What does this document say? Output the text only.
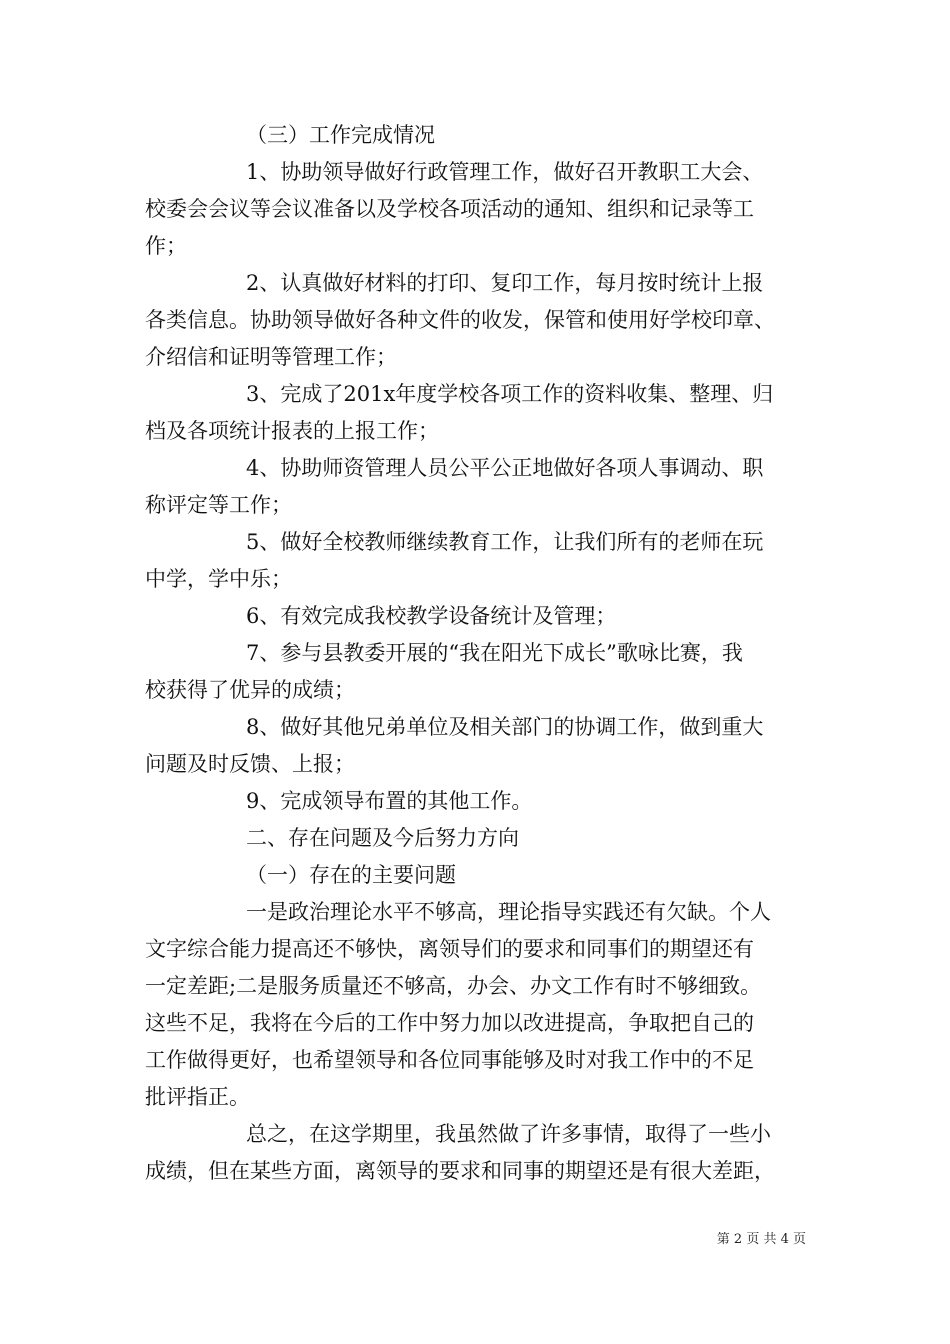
（三）工作完成情况

1、协助领导做好行政管理工作，做好召开教职工大会、
校委会会议等会议准备以及学校各项活动的通知、组织和记录等工
作；

2、认真做好材料的打印、复印工作，每月按时统计上报
各类信息。协助领导做好各种文件的收发，保管和使用好学校印章、
介绍信和证明等管理工作；

3、完成了201x年度学校各项工作的资料收集、整理、归
档及各项统计报表的上报工作；

4、协助师资管理人员公平公正地做好各项人事调动、职
称评定等工作；

5、做好全校教师继续教育工作，让我们所有的老师在玩
中学，学中乐；

6、有效完成我校教学设备统计及管理；

7、参与县教委开展的“我在阳光下成长”歌咏比赛，我
校获得了优异的成绩；

8、做好其他兄弟单位及相关部门的协调工作，做到重大
问题及时反馈、上报；

9、完成领导布置的其他工作。

二、存在问题及今后努力方向

（一）存在的主要问题

一是政治理论水平不够高，理论指导实践还有欠缺。个人
文字综合能力提高还不够快，离领导们的要求和同事们的期望还有
一定差距;二是服务质量还不够高，办会、办文工作有时不够细致。
这些不足，我将在今后的工作中努力加以改进提高，争取把自己的
工作做得更好，也希望领导和各位同事能够及时对我工作中的不足
批评指正。

总之，在这学期里，我虽然做了许多事情，取得了一些小
成绩，但在某些方面，离领导的要求和同事的期望还是有很大差距，

第 2 页 共 4 页
